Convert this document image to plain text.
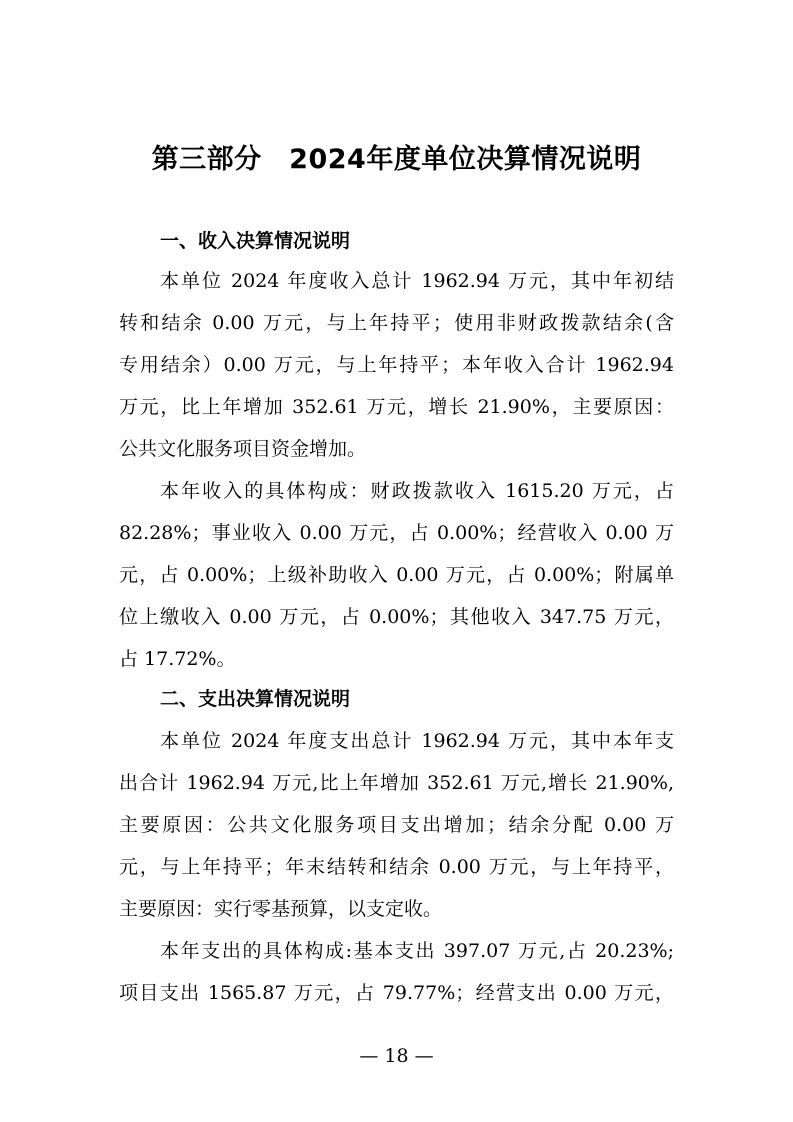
第三部分　2024年度单位决算情况说明
一、收入决算情况说明
本单位 2024 年度收入总计 1962.94 万元，其中年初结
转和结余 0.00 万元，与上年持平；使用非财政拨款结余(含
专用结余）0.00 万元，与上年持平；本年收入合计 1962.94
万元，比上年增加 352.61 万元，增长 21.90%，主要原因：
公共文化服务项目资金增加。
本年收入的具体构成：财政拨款收入 1615.20 万元，占
82.28%；事业收入 0.00 万元，占 0.00%；经营收入 0.00 万
元，占 0.00%；上级补助收入 0.00 万元，占 0.00%；附属单
位上缴收入 0.00 万元，占 0.00%；其他收入 347.75 万元，
占 17.72%。
二、支出决算情况说明
本单位 2024 年度支出总计 1962.94 万元，其中本年支
出合计 1962.94 万元,比上年增加 352.61 万元,增长 21.90%,
主要原因：公共文化服务项目支出增加；结余分配 0.00 万
元，与上年持平；年末结转和结余 0.00 万元，与上年持平，
主要原因：实行零基预算，以支定收。
本年支出的具体构成:基本支出 397.07 万元,占 20.23%;
项目支出 1565.87 万元，占 79.77%；经营支出 0.00 万元，
— 18 —
